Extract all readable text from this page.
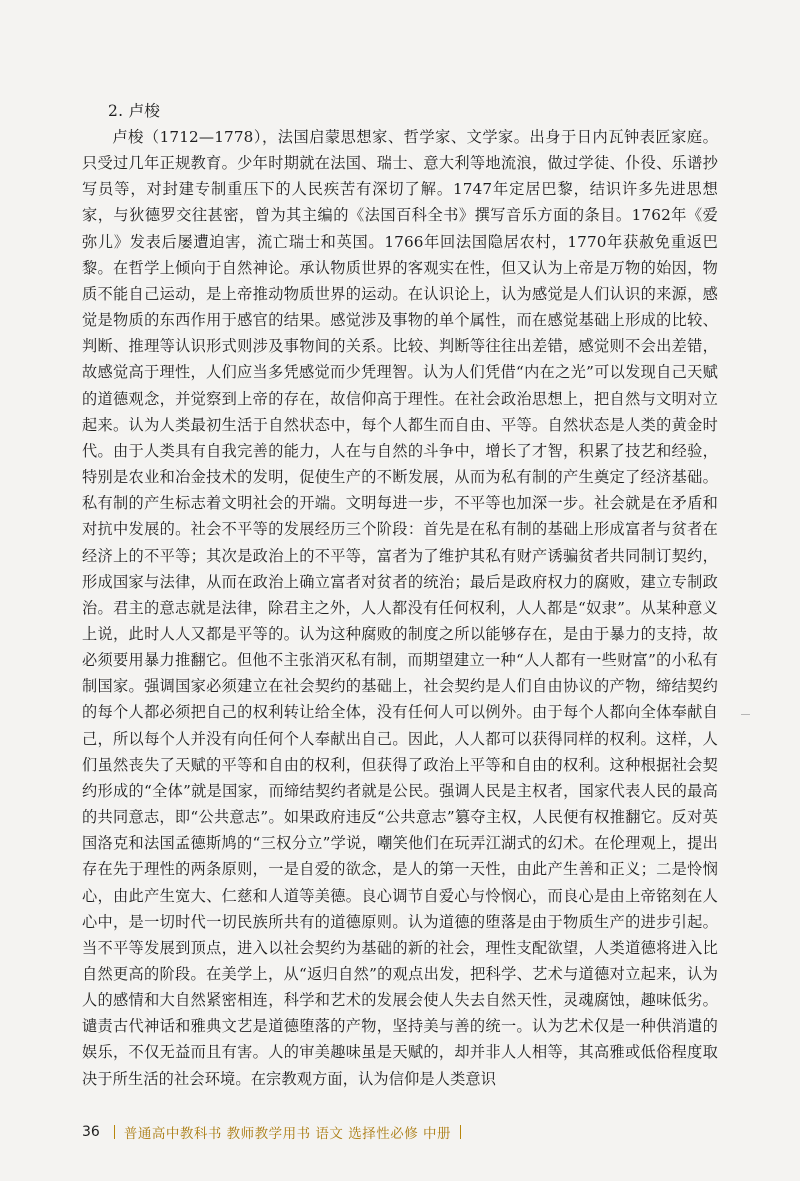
2. 卢梭

卢梭（1712—1778），法国启蒙思想家、哲学家、文学家。出身于日内瓦钟表匠家庭。只受过几年正规教育。少年时期就在法国、瑞士、意大利等地流浪，做过学徒、仆役、乐谱抄写员等，对封建专制重压下的人民疾苦有深切了解。1747年定居巴黎，结识许多先进思想家，与狄德罗交往甚密，曾为其主编的《法国百科全书》撰写音乐方面的条目。1762年《爱弥儿》发表后屡遭迫害，流亡瑞士和英国。1766年回法国隐居农村，1770年获赦免重返巴黎。在哲学上倾向于自然神论。承认物质世界的客观实在性，但又认为上帝是万物的始因，物质不能自己运动，是上帝推动物质世界的运动。在认识论上，认为感觉是人们认识的来源，感觉是物质的东西作用于感官的结果。感觉涉及事物的单个属性，而在感觉基础上形成的比较、判断、推理等认识形式则涉及事物间的关系。比较、判断等往往出差错，感觉则不会出差错，故感觉高于理性，人们应当多凭感觉而少凭理智。认为人们凭借“内在之光”可以发现自己天赋的道德观念，并觉察到上帝的存在，故信仰高于理性。在社会政治思想上，把自然与文明对立起来。认为人类最初生活于自然状态中，每个人都生而自由、平等。自然状态是人类的黄金时代。由于人类具有自我完善的能力，人在与自然的斗争中，增长了才智，积累了技艺和经验，特别是农业和冶金技术的发明，促使生产的不断发展，从而为私有制的产生奠定了经济基础。私有制的产生标志着文明社会的开端。文明每进一步，不平等也加深一步。社会就是在矛盾和对抗中发展的。社会不平等的发展经历三个阶段：首先是在私有制的基础上形成富者与贫者在经济上的不平等；其次是政治上的不平等，富者为了维护其私有财产诱骗贫者共同制订契约，形成国家与法律，从而在政治上确立富者对贫者的统治；最后是政府权力的腐败，建立专制政治。君主的意志就是法律，除君主之外，人人都没有任何权利，人人都是“奴隶”。从某种意义上说，此时人人又都是平等的。认为这种腐败的制度之所以能够存在，是由于暴力的支持，故必须要用暴力推翻它。但他不主张消灭私有制，而期望建立一种“人人都有一些财富”的小私有制国家。强调国家必须建立在社会契约的基础上，社会契约是人们自由协议的产物，缔结契约的每个人都必须把自己的权利转让给全体，没有任何人可以例外。由于每个人都向全体奉献自己，所以每个人并没有向任何个人奉献出自己。因此，人人都可以获得同样的权利。这样，人们虽然丧失了天赋的平等和自由的权利，但获得了政治上平等和自由的权利。这种根据社会契约形成的“全体”就是国家，而缔结契约者就是公民。强调人民是主权者，国家代表人民的最高的共同意志，即“公共意志”。如果政府违反“公共意志”篡夺主权，人民便有权推翻它。反对英国洛克和法国孟德斯鸠的“三权分立”学说，嘲笑他们在玩弄江湖式的幻术。在伦理观上，提出存在先于理性的两条原则，一是自爱的欲念，是人的第一天性，由此产生善和正义；二是怜悯心，由此产生宽大、仁慈和人道等美德。良心调节自爱心与怜悯心，而良心是由上帝铭刻在人心中，是一切时代一切民族所共有的道德原则。认为道德的堕落是由于物质生产的进步引起。当不平等发展到顶点，进入以社会契约为基础的新的社会，理性支配欲望，人类道德将进入比自然更高的阶段。在美学上，从“返归自然”的观点出发，把科学、艺术与道德对立起来，认为人的感情和大自然紧密相连，科学和艺术的发展会使人失去自然天性，灵魂腐蚀，趣味低劣。谴责古代神话和雅典文艺是道德堕落的产物，坚持美与善的统一。认为艺术仅是一种供消遣的娱乐，不仅无益而且有害。人的审美趣味虽是天赋的，却并非人人相等，其高雅或低俗程度取决于所生活的社会环境。在宗教观方面，认为信仰是人类意识

36 普通高中教科书 教师教学用书 语文 选择性必修 中册
